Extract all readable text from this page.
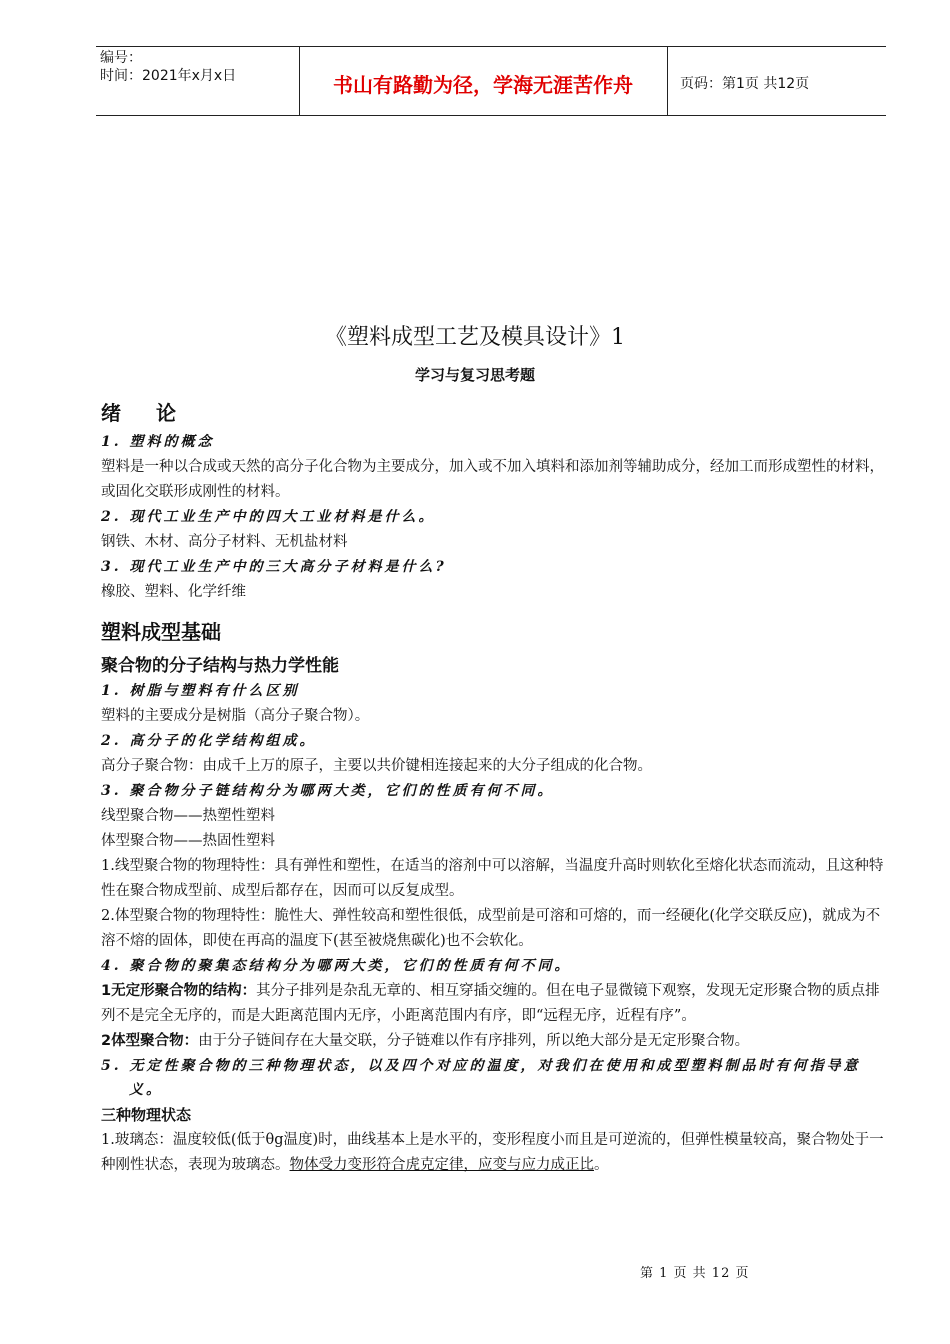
编号：
时间：2021年x月x日	书山有路勤为径，学海无涯苦作舟	页码：第1页 共12页
《塑料成型工艺及模具设计》1
学习与复习思考题
绪 论
1. 塑料的概念
塑料是一种以合成或天然的高分子化合物为主要成分，加入或不加入填料和添加剂等辅助成分，经加工而形成塑性的材料，或固化交联形成刚性的材料。
2. 现代工业生产中的四大工业材料是什么。
钢铁、木材、高分子材料、无机盐材料
3. 现代工业生产中的三大高分子材料是什么?
橡胶、塑料、化学纤维
塑料成型基础
聚合物的分子结构与热力学性能
1. 树脂与塑料有什么区别
塑料的主要成分是树脂（高分子聚合物）。
2. 高分子的化学结构组成。
高分子聚合物：由成千上万的原子，主要以共价键相连接起来的大分子组成的化合物。
3. 聚合物分子链结构分为哪两大类，它们的性质有何不同。
线型聚合物——热塑性塑料
体型聚合物——热固性塑料
1.线型聚合物的物理特性：具有弹性和塑性，在适当的溶剂中可以溶解，当温度升高时则软化至熔化状态而流动，且这种特性在聚合物成型前、成型后都存在，因而可以反复成型。
2.体型聚合物的物理特性：脆性大、弹性较高和塑性很低，成型前是可溶和可熔的，而一经硬化(化学交联反应)，就成为不溶不熔的固体，即使在再高的温度下(甚至被烧焦碳化)也不会软化。
4. 聚合物的聚集态结构分为哪两大类，它们的性质有何不同。
1无定形聚合物的结构：其分子排列是杂乱无章的、相互穿插交缠的。但在电子显微镜下观察，发现无定形聚合物的质点排列不是完全无序的，而是大距离范围内无序，小距离范围内有序，即“远程无序，近程有序”。
2体型聚合物：由于分子链间存在大量交联，分子链难以作有序排列，所以绝大部分是无定形聚合物。
5. 无定性聚合物的三种物理状态，以及四个对应的温度，对我们在使用和成型塑料制品时有何指导意义。
三种物理状态
1.玻璃态：温度较低(低于θg温度)时，曲线基本上是水平的，变形程度小而且是可逆流的，但弹性模量较高，聚合物处于一种刚性状态，表现为玻璃态。物体受力变形符合虎克定律，应变与应力成正比。
第 1 页 共 12 页
